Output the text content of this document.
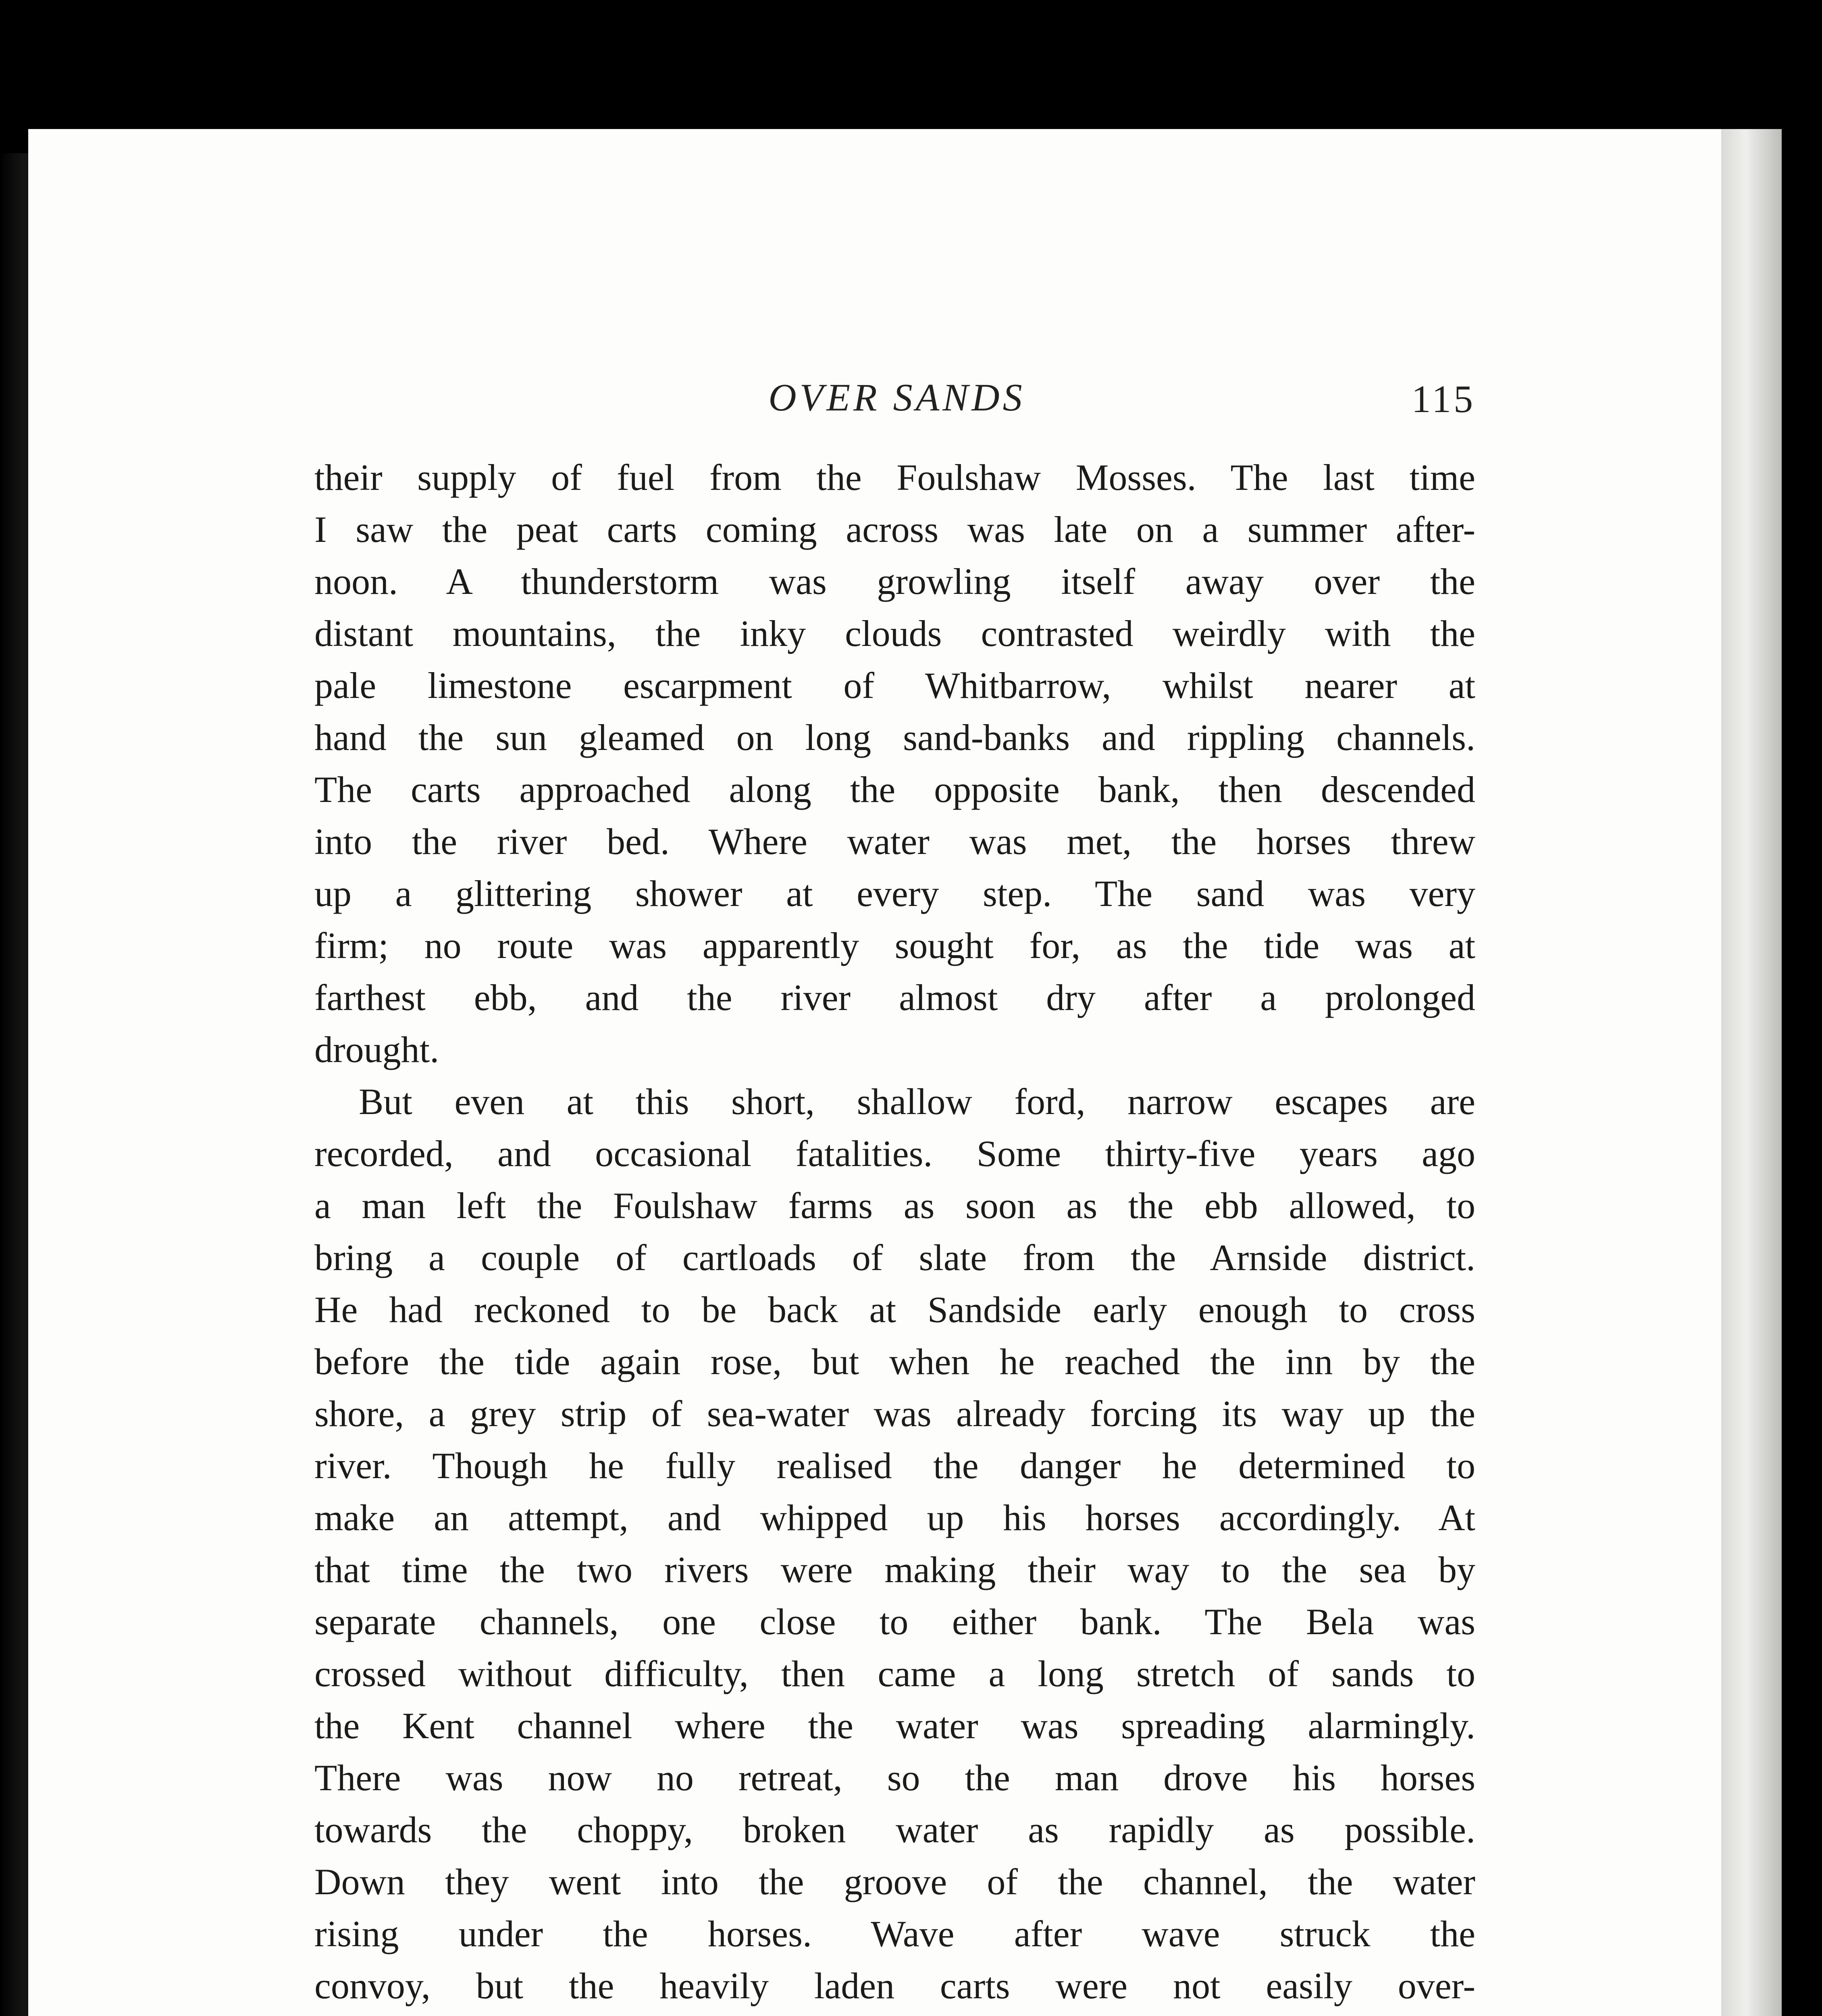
OVER SANDS	115
their supply of fuel from the Foulshaw Mosses. The last time
I saw the peat carts coming across was late on a summer after-
noon. A thunderstorm was growling itself away over the
distant mountains, the inky clouds contrasted weirdly with the
pale limestone escarpment of Whitbarrow, whilst nearer at
hand the sun gleamed on long sand-banks and rippling channels.
The carts approached along the opposite bank, then descended
into the river bed. Where water was met, the horses threw
up a glittering shower at every step. The sand was very
firm; no route was apparently sought for, as the tide was at
farthest ebb, and the river almost dry after a prolonged
drought.
But even at this short, shallow ford, narrow escapes are
recorded, and occasional fatalities. Some thirty-five years ago
a man left the Foulshaw farms as soon as the ebb allowed, to
bring a couple of cartloads of slate from the Arnside district.
He had reckoned to be back at Sandside early enough to cross
before the tide again rose, but when he reached the inn by the
shore, a grey strip of sea-water was already forcing its way up the
river. Though he fully realised the danger he determined to
make an attempt, and whipped up his horses accordingly. At
that time the two rivers were making their way to the sea by
separate channels, one close to either bank. The Bela was
crossed without difficulty, then came a long stretch of sands to
the Kent channel where the water was spreading alarmingly.
There was now no retreat, so the man drove his horses
towards the choppy, broken water as rapidly as possible.
Down they went into the groove of the channel, the water
rising under the horses. Wave after wave struck the
convoy, but the heavily laden carts were not easily over-
